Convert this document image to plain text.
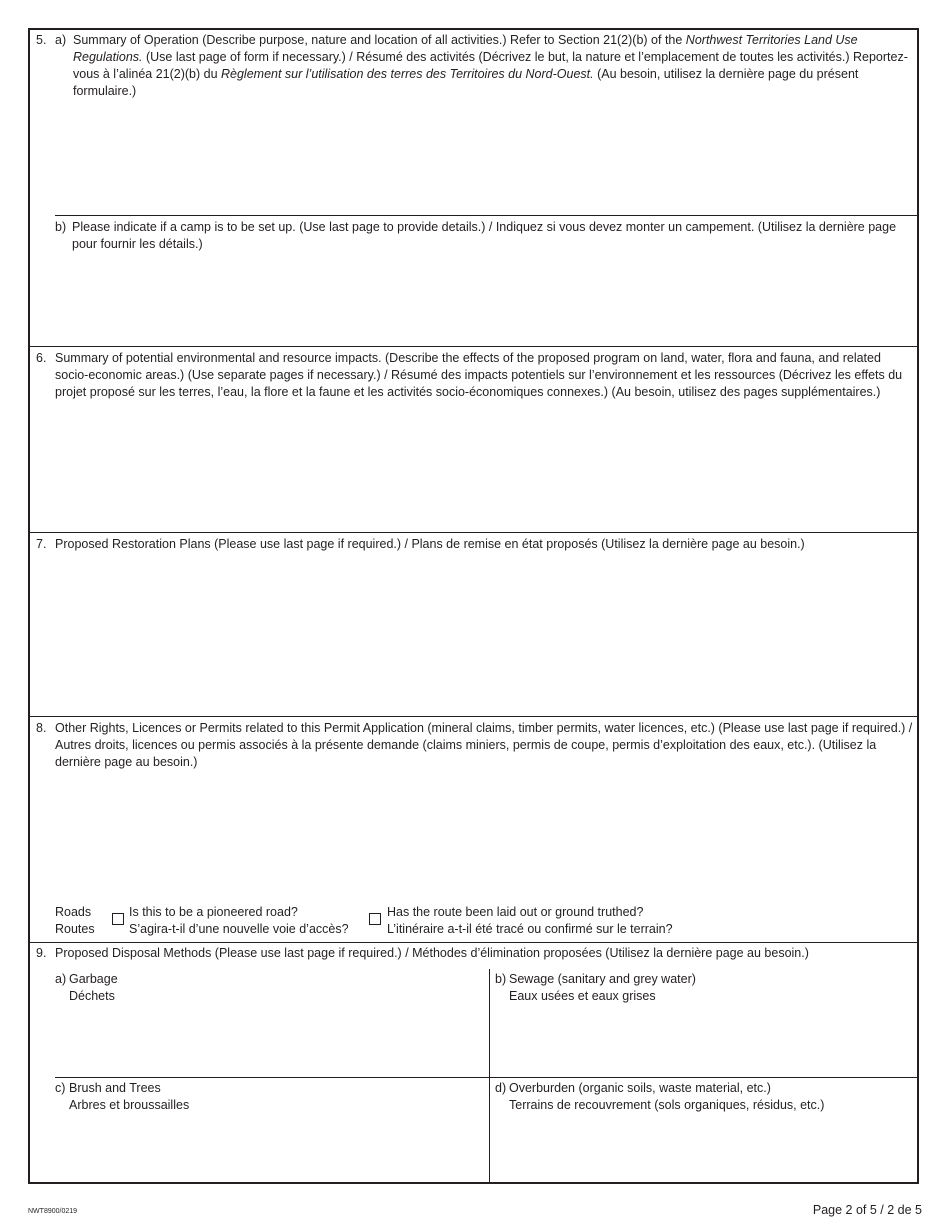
5. a) Summary of Operation (Describe purpose, nature and location of all activities.) Refer to Section 21(2)(b) of the Northwest Territories Land Use Regulations. (Use last page of form if necessary.) / Résumé des activités (Décrivez le but, la nature et l’emplacement de toutes les activités.) Reportez-vous à l’alinéa 21(2)(b) du Règlement sur l’utilisation des terres des Territoires du Nord-Ouest. (Au besoin, utilisez la dernière page du présent formulaire.)
b) Please indicate if a camp is to be set up. (Use last page to provide details.) / Indiquez si vous devez monter un campement. (Utilisez la dernière page pour fournir les détails.)
6. Summary of potential environmental and resource impacts. (Describe the effects of the proposed program on land, water, flora and fauna, and related socio-economic areas.) (Use separate pages if necessary.) / Résumé des impacts potentiels sur l’environnement et les ressources (Décrivez les effets du projet proposé sur les terres, l’eau, la flore et la faune et les activités socio-économiques connexes.) (Au besoin, utilisez des pages supplémentaires.)
7. Proposed Restoration Plans (Please use last page if required.) / Plans de remise en état proposés (Utilisez la dernière page au besoin.)
8. Other Rights, Licences or Permits related to this Permit Application (mineral claims, timber permits, water licences, etc.) (Please use last page if required.) / Autres droits, licences ou permis associés à la présente demande (claims miniers, permis de coupe, permis d’exploitation des eaux, etc.). (Utilisez la dernière page au besoin.)
Roads
Routes
Is this to be a pioneered road?
S’agira-t-il d’une nouvelle voie d’accès?
Has the route been laid out or ground truthed?
L’itinéraire a-t-il été tracé ou confirmé sur le terrain?
9. Proposed Disposal Methods (Please use last page if required.) / Méthodes d’élimination proposées (Utilisez la dernière page au besoin.)
a) Garbage
Déchets
b) Sewage (sanitary and grey water)
Eaux usées et eaux grises
c) Brush and Trees
Arbres et broussailles
d) Overburden (organic soils, waste material, etc.)
Terrains de recouvrement (sols organiques, résidus, etc.)
NWT8900/0219	Page 2 of 5 / 2 de 5
